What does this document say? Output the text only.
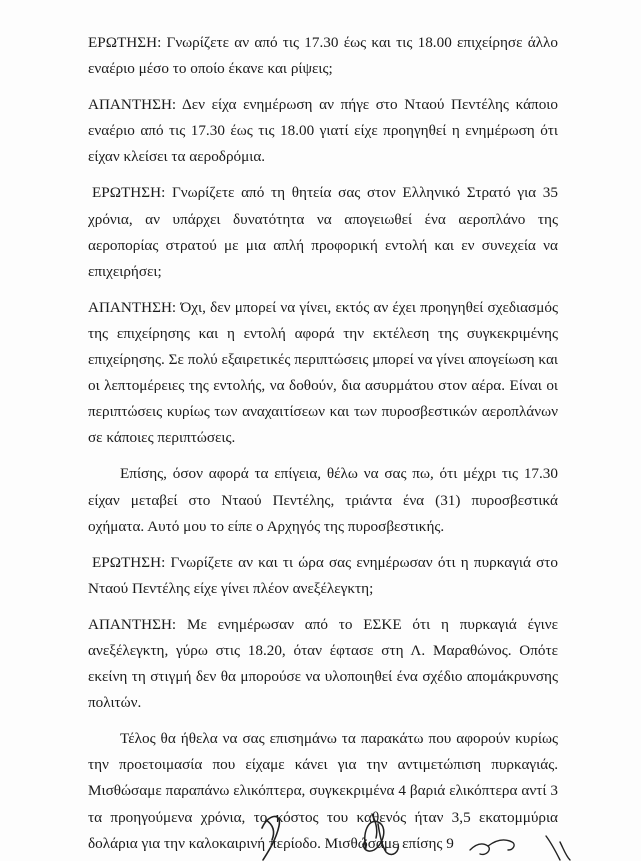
ΕΡΩΤΗΣΗ: Γνωρίζετε αν από τις 17.30 έως και τις 18.00 επιχείρησε άλλο εναέριο μέσο το οποίο έκανε και ρίψεις;

ΑΠΑΝΤΗΣΗ: Δεν είχα ενημέρωση αν πήγε στο Νταού Πεντέλης κάποιο εναέριο από τις 17.30 έως τις 18.00 γιατί είχε προηγηθεί η ενημέρωση ότι είχαν κλείσει τα αεροδρόμια.

ΕΡΩΤΗΣΗ: Γνωρίζετε από τη θητεία σας στον Ελληνικό Στρατό για 35 χρόνια, αν υπάρχει δυνατότητα να απογειωθεί ένα αεροπλάνο της αεροπορίας στρατού με μια απλή προφορική εντολή και εν συνεχεία να επιχειρήσει;

ΑΠΑΝΤΗΣΗ: Όχι, δεν μπορεί να γίνει, εκτός αν έχει προηγηθεί σχεδιασμός της επιχείρησης και η εντολή αφορά την εκτέλεση της συγκεκριμένης επιχείρησης. Σε πολύ εξαιρετικές περιπτώσεις μπορεί να γίνει απογείωση και οι λεπτομέρειες της εντολής, να δοθούν, δια ασυρμάτου στον αέρα. Είναι οι περιπτώσεις κυρίως των αναχαιτίσεων και των πυροσβεστικών αεροπλάνων σε κάποιες περιπτώσεις.

Επίσης, όσον αφορά τα επίγεια, θέλω να σας πω, ότι μέχρι τις 17.30 είχαν μεταβεί στο Νταού Πεντέλης, τριάντα ένα (31) πυροσβεστικά οχήματα. Αυτό μου το είπε ο Αρχηγός της πυροσβεστικής.

ΕΡΩΤΗΣΗ: Γνωρίζετε αν και τι ώρα σας ενημέρωσαν ότι η πυρκαγιά στο Νταού Πεντέλης είχε γίνει πλέον ανεξέλεγκτη;

ΑΠΑΝΤΗΣΗ: Με ενημέρωσαν από το ΕΣΚΕ ότι η πυρκαγιά έγινε ανεξέλεγκτη, γύρω στις 18.20, όταν έφτασε στη Λ. Μαραθώνος. Οπότε εκείνη τη στιγμή δεν θα μπορούσε να υλοποιηθεί ένα σχέδιο απομάκρυνσης πολιτών.

Τέλος θα ήθελα να σας επισημάνω τα παρακάτω που αφορούν κυρίως την προετοιμασία που είχαμε κάνει για την αντιμετώπιση πυρκαγιάς. Μισθώσαμε παραπάνω ελικόπτερα, συγκεκριμένα 4 βαριά ελικόπτερα αντί 3 τα προηγούμενα χρόνια, το κόστος του καθενός ήταν 3,5 εκατομμύρια δολάρια για την καλοκαιρινή περίοδο. Μισθώσαμε επίσης 9
